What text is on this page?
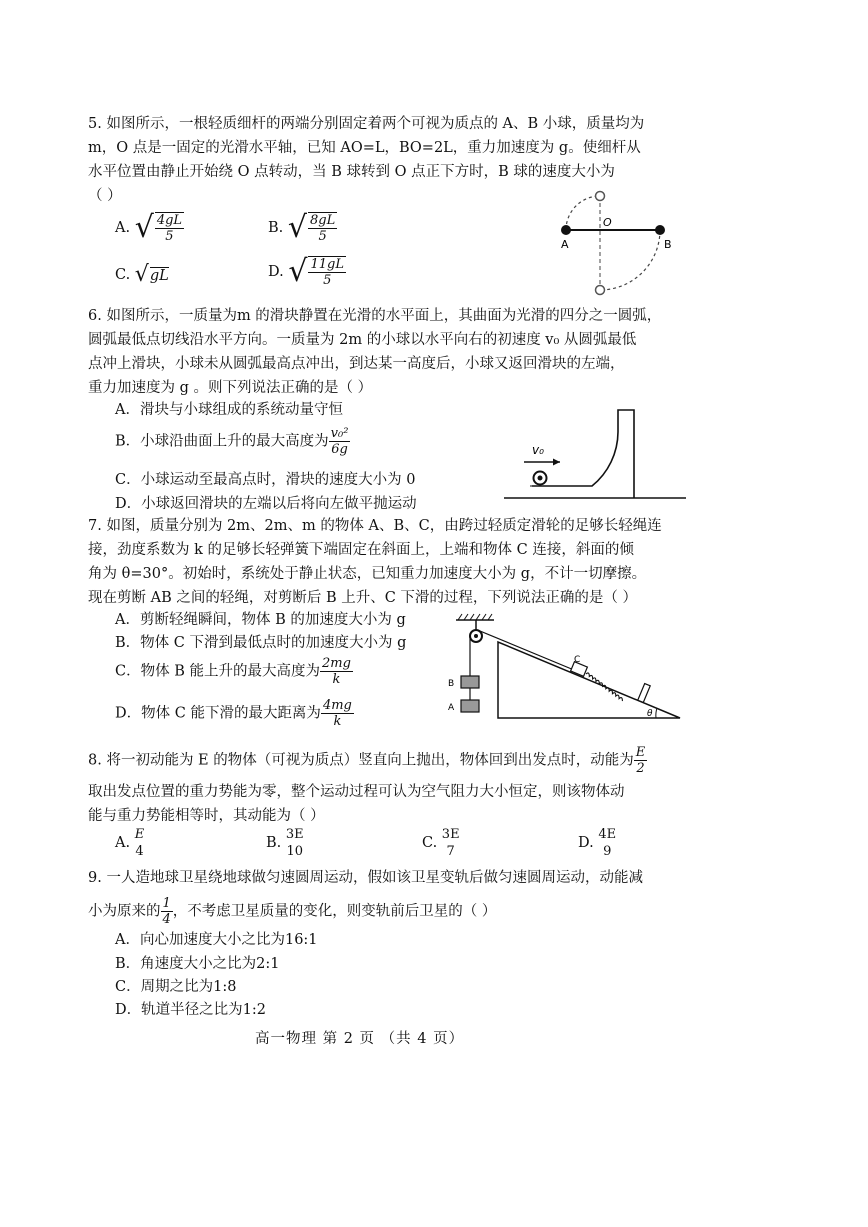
5. 如图所示，一根轻质细杆的两端分别固定着两个可视为质点的 A、B 小球，质量均为

m，O 点是一固定的光滑水平轴，已知 AO=L，BO=2L，重力加速度为 g。使细杆从

水平位置由静止开始绕 O 点转动，当 B 球转到 O 点正下方时，B 球的速度大小为

（ ）

A. √ $\frac{4gL}{5}$	B. √ $\frac{8gL}{5}$
C. √ gL	D. √ $\frac{11gL}{5}$
A	B
O

6. 如图所示，一质量为m 的滑块静置在光滑的水平面上，其曲面为光滑的四分之一圆弧，

圆弧最低点切线沿水平方向。一质量为 2m 的小球以水平向右的初速度 v₀ 从圆弧最低

点冲上滑块，小球未从圆弧最高点冲出，到达某一高度后，小球又返回滑块的左端，

重力加速度为 g 。则下列说法正确的是（ ）

A．滑块与小球组成的系统动量守恒
B．小球沿曲面上升的最大高度为 $\frac{\text{v₀²}}{6g}$
C．小球运动至最高点时，滑块的速度大小为 0
D．小球返回滑块的左端以后将向左做平抛运动
v₀

7. 如图，质量分别为 2m、2m、m 的物体 A、B、C，由跨过轻质定滑轮的足够长轻绳连

接，劲度系数为 k 的足够长轻弹簧下端固定在斜面上，上端和物体 C 连接，斜面的倾

角为 θ=30°。初始时，系统处于静止状态，已知重力加速度大小为 g，不计一切摩擦。

现在剪断 AB 之间的轻绳，对剪断后 B 上升、C 下滑的过程，下列说法正确的是（ ）

A．剪断轻绳瞬间，物体 B 的加速度大小为 g
B．物体 C 下滑到最低点时的加速度大小为 g
C．物体 B 能上升的最大高度为 $\frac{2mg}{k}$
D．物体 C 能下滑的最大距离为 $\frac{4mg}{k}$
B
A
C
θ

8. 将一初动能为 E 的物体（可视为质点）竖直向上抛出，物体回到出发点时，动能为 $\frac{E}{2}$

取出发点位置的重力势能为零，整个运动过程可认为空气阻力大小恒定，则该物体动

能与重力势能相等时，其动能为（ ）

A.
E
4
B.
3E
10
C.
3E
7
D.
4E
9

9. 一人造地球卫星绕地球做匀速圆周运动，假如该卫星变轨后做匀速圆周运动，动能减

小为原来的 $\frac{1}{4}$ ，不考虑卫星质量的变化，则变轨前后卫星的（ ）

A．向心加速度大小之比为16:1
B．角速度大小之比为2:1
C．周期之比为1:8
D．轨道半径之比为1:2
高一物理 第 2 页 （共 4 页）
